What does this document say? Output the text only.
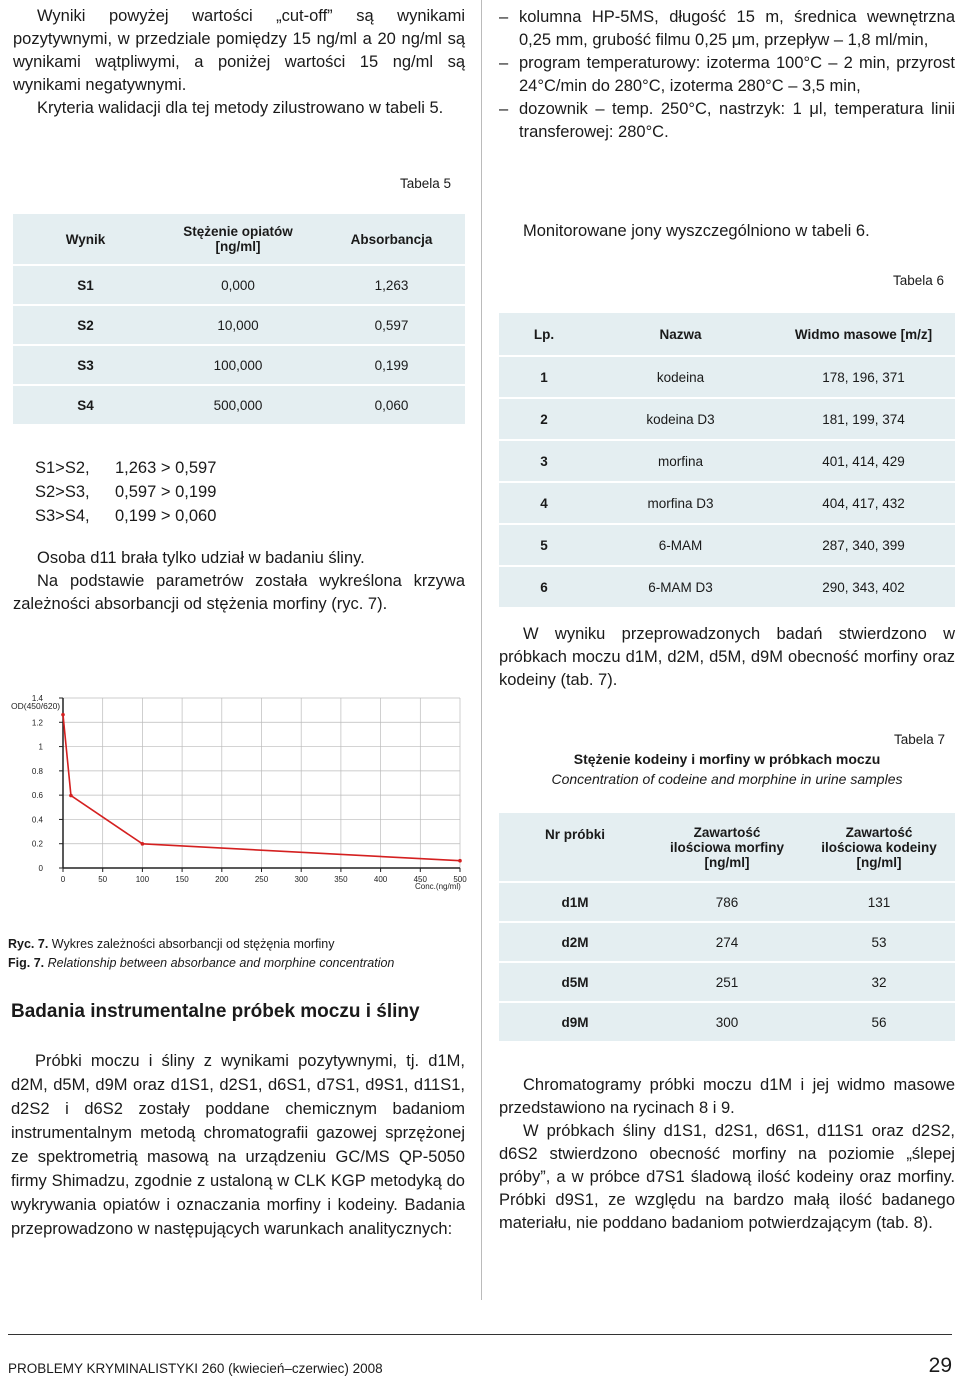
Wyniki powyżej wartości „cut-off” są wynikami pozytywnymi, w przedziale pomiędzy 15 ng/ml a 20 ng/ml są wynikami wątpliwymi, a poniżej wartości 15 ng/ml są wynikami negatywnymi.

Kryteria walidacji dla tej metody zilustrowano w tabeli 5.

Tabela 5
Wynik	Stężenie opiatów [ng/ml]	Absorbancja
S1	0,000	1,263
S2	10,000	0,597
S3	100,000	0,199
S4	500,000	0,060
S1>S2, 1,263 > 0,597
S2>S3, 0,597 > 0,199
S3>S4, 0,199 > 0,060

Osoba d11 brała tylko udział w badaniu śliny.

Na podstawie parametrów została wykreślona krzywa zależności absorbancji od stężenia morfiny (ryc. 7).

0	50	100	150	200	250	300	350	400	450	500
0
0.2
0.4
0.6
0.8
1
1.2
1.4
OD(450/620)
Conc.(ng/ml)
Ryc. 7. Wykres zależności absorbancji od stężęnia morfiny
Fig. 7. Relationship between absorbance and morphine concentration
Badania instrumentalne próbek moczu i śliny

Próbki moczu i śliny z wynikami pozytywnymi, tj. d1M, d2M, d5M, d9M oraz d1S1, d2S1, d6S1, d7S1, d9S1, d11S1, d2S2 i d6S2 zostały poddane chemicznym badaniom instrumentalnym metodą chromatografii gazowej sprzężonej ze spektrometrią masową na urządzeniu GC/MS QP-5050 firmy Shimadzu, zgodnie z ustaloną w CLK KGP metodyką do wykrywania opiatów i oznaczania morfiny i kodeiny. Badania przeprowadzono w następujących warunkach analitycznych:

– kolumna HP-5MS, długość 15 m, średnica wewnętrzna 0,25 mm, grubość filmu 0,25 μm, przepływ – 1,8 ml/min,
– program temperaturowy: izoterma 100°C – 2 min, przyrost 24°C/min do 280°C, izoterma 280°C – 3,5 min,
– dozownik – temp. 250°C, nastrzyk: 1 μl, temperatura linii transferowej: 280°C.

Monitorowane jony wyszczególniono w tabeli 6.

Tabela 6
Lp.	Nazwa	Widmo masowe [m/z]
1	kodeina	178, 196, 371
2	kodeina D3	181, 199, 374
3	morfina	401, 414, 429
4	morfina D3	404, 417, 432
5	6-MAM	287, 340, 399
6	6-MAM D3	290, 343, 402

W wyniku przeprowadzonych badań stwierdzono w próbkach moczu d1M, d2M, d5M, d9M obecność morfiny oraz kodeiny (tab. 7).

Tabela 7
Stężenie kodeiny i morfiny w próbkach moczu
Concentration of codeine and morphine in urine samples
Nr próbki	Zawartość ilościowa morfiny [ng/ml]	Zawartość ilościowa kodeiny [ng/ml]
d1M	786	131
d2M	274	53
d5M	251	32
d9M	300	56

Chromatogramy próbki moczu d1M i jej widmo masowe przedstawiono na rycinach 8 i 9.

W próbkach śliny d1S1, d2S1, d6S1, d11S1 oraz d2S2, d6S2 stwierdzono obecność morfiny na poziomie „ślepej próby”, a w próbce d7S1 śladową ilość kodeiny oraz morfiny. Próbki d9S1, ze względu na bardzo małą ilość badanego materiału, nie poddano badaniom potwierdzającym (tab. 8).

PROBLEMY KRYMINALISTYKI 260 (kwiecień–czerwiec) 2008	29
